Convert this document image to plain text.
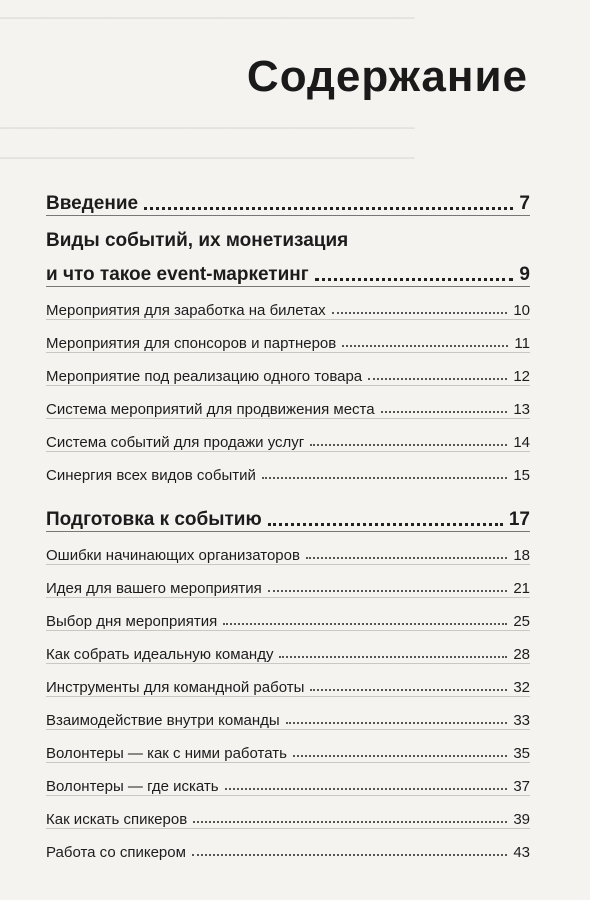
─────────────────────────────────────────────
─────────────────────────────────────────────
─────────────────────────────────────────────
Содержание
Введение	7
Виды событий, их монетизация
и что такое event-маркетинг	9
Мероприятия для заработка на билетах	10
Мероприятия для спонсоров и партнеров	11
Мероприятие под реализацию одного товара	12
Система мероприятий для продвижения места	13
Система событий для продажи услуг	14
Синергия всех видов событий	15
Подготовка к событию	17
Ошибки начинающих организаторов	18
Идея для вашего мероприятия	21
Выбор дня мероприятия	25
Как собрать идеальную команду	28
Инструменты для командной работы	32
Взаимодействие внутри команды	33
Волонтеры — как с ними работать	35
Волонтеры — где искать	37
Как искать спикеров	39
Работа со спикером	43
